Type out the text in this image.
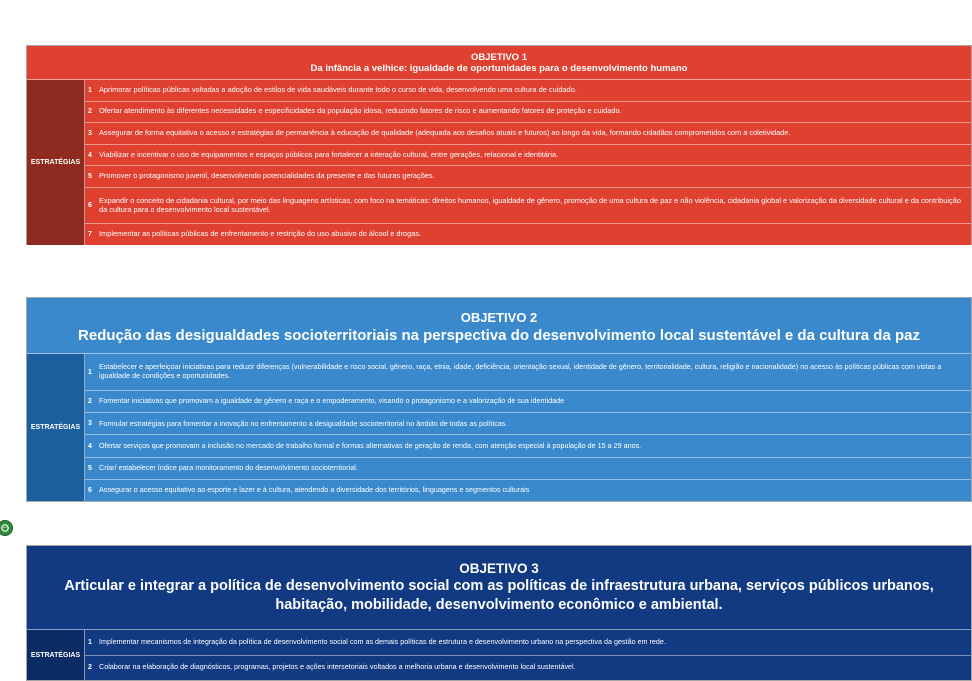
OBJETIVO 1
Da infância a velhice: igualdade de oportunidades para o desenvolvimento humano
ESTRATÉGIAS
1 Aprimorar políticas públicas voltadas a adoção de estilos de vida saudáveis durante todo o curso de vida, desenvolvendo uma cultura de cuidado.
2 Ofertar atendimento às diferentes necessidades e especificidades da população idosa, reduzindo fatores de risco e aumentando fatores de proteção e cuidado.
3 Assegurar de forma equitativa o acesso e estratégias de permanência à educação de qualidade (adequada aos desafios atuais e futuros) ao longo da vida, formando cidadãos comprometidos com a coletividade.
4 Viabilizar e incentivar o uso de equipamentos e espaços públicos para fortalecer a interação cultural, entre gerações, relacional e identitária.
5 Promover o protagonismo juvenil, desenvolvendo potencialidades da presente e das futuras gerações.
6
Expandir o conceito de cidadania cultural, por meio das linguagens artísticas, com foco na temáticas: direitos humanos, igualdade de gênero, promoção de uma cultura de paz e não violência, cidadania global e valorização da diversidade cultural e da contribuição da cultura para o desenvolvimento local sustentável.
7 Implementar as políticas públicas de enfrentamento e restrição do uso abusivo do álcool e drogas.
OBJETIVO 2
Redução das desigualdades socioterritoriais na perspectiva do desenvolvimento local sustentável e da cultura da paz
ESTRATÉGIAS
1
Estabelecer e aperfeiçoar iniciativas para reduzir diferenças (vulnerabilidade e risco social, gênero, raça, etnia, idade, deficiência, orientação sexual, identidade de gênero, territorialidade, cultura, religião e nacionalidade) no acesso às políticas públicas com vistas a igualdade de condições e oportunidades.
2 Fomentar iniciativas que promovam a igualdade de gênero e raça e o empoderamento, visando o protagonismo e a valorização de sua identidade
3 Formular estratégias para fomentar a inovação no enfrentamento a desigualdade socioterritorial no âmbito de todas as políticas.
4 Ofertar serviços que promovam a inclusão no mercado de trabalho formal e formas alternativas de geração de renda, com atenção especial à população de 15 a 29 anos.
5 Criar/ estabelecer índice para monitoramento do desenvolvimento socioterritorial.
6 Assegurar o acesso equitativo ao esporte e lazer e à cultura, atendendo a diversidade dos territórios, linguagens e segmentos culturais
OBJETIVO 3
Articular e integrar a política de desenvolvimento social com as políticas de infraestrutura urbana, serviços públicos urbanos, habitação, mobilidade, desenvolvimento econômico e ambiental.
ESTRATÉGIAS
1 Implementar mecanismos de integração da política de desenvolvimento social com as demais políticas de estrutura e desenvolvimento urbano na perspectiva da gestão em rede.
2 Colaborar na elaboração de diagnósticos, programas, projetos e ações intersetoriais voltados a melhoria urbana e desenvolvimento local sustentável.
